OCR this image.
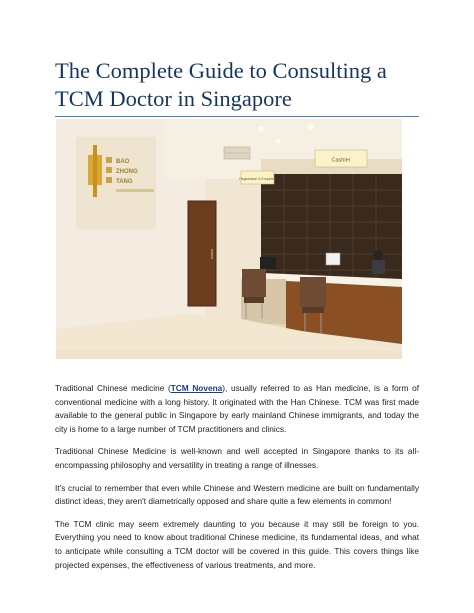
The Complete Guide to Consulting a TCM Doctor in Singapore
Registration & Enquiries
Cashier
BAO
ZHONG
TANG

Traditional Chinese medicine (TCM Novena), usually referred to as Han medicine, is a form of conventional medicine with a long history. It originated with the Han Chinese. TCM was first made available to the general public in Singapore by early mainland Chinese immigrants, and today the city is home to a large number of TCM practitioners and clinics.

Traditional Chinese Medicine is well-known and well accepted in Singapore thanks to its all-encompassing philosophy and versatility in treating a range of illnesses.

It's crucial to remember that even while Chinese and Western medicine are built on fundamentally distinct ideas, they aren't diametrically opposed and share quite a few elements in common!

The TCM clinic may seem extremely daunting to you because it may still be foreign to you. Everything you need to know about traditional Chinese medicine, its fundamental ideas, and what to anticipate while consulting a TCM doctor will be covered in this guide. This covers things like projected expenses, the effectiveness of various treatments, and more.
